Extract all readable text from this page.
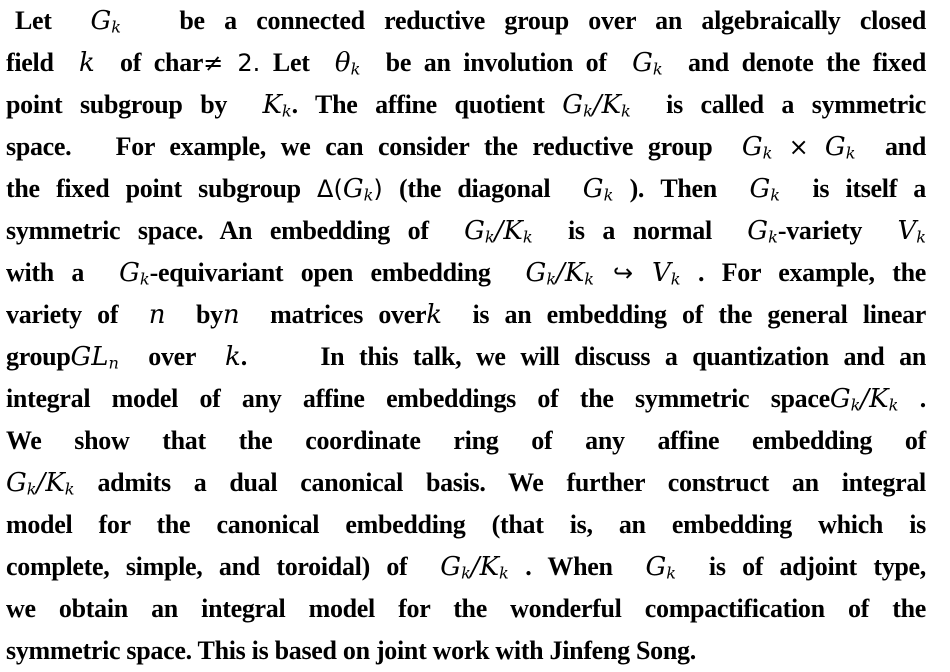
Let  $G_k$   be a connected reductive group over an algebraically closed
field  k  of char≠ 2. Let  $\theta_k$  be an involution of  $G_k$  and denote the fixed
point subgroup by  $K_k$. The affine quotient $G_k/K_k$  is called a symmetric
space.   For example, we can consider the reductive group  $G_k \times G_k$  and
the fixed point subgroup $\Delta(G_k)$ (the diagonal  $G_k$ ). Then  $G_k$  is itself a
symmetric space. An embedding of  $G_k/K_k$  is a normal  $G_k$-variety  $V_k$
with a  $G_k$-equivariant open embedding  $G_k/K_k$ ↪ $V_k$ . For example, the
variety of  n  byn  matrices overk  is an embedding of the general linear
groupGL$_n$  over  k.     In this talk, we will discuss a quantization and an
integral model of any affine embeddings of the symmetric $spaceG_k/K_k$ .
We show that the coordinate ring of any affine embedding of
$G_k/K_k$ admits a dual canonical basis. We further construct an integral
model for the canonical embedding (that is, an embedding which is
complete, simple, and toroidal) of  $G_k/K_k$ . When  $G_k$  is of adjoint type,
we obtain an integral model for the wonderful compactification of the
symmetric space. This is based on joint work with Jinfeng Song.
